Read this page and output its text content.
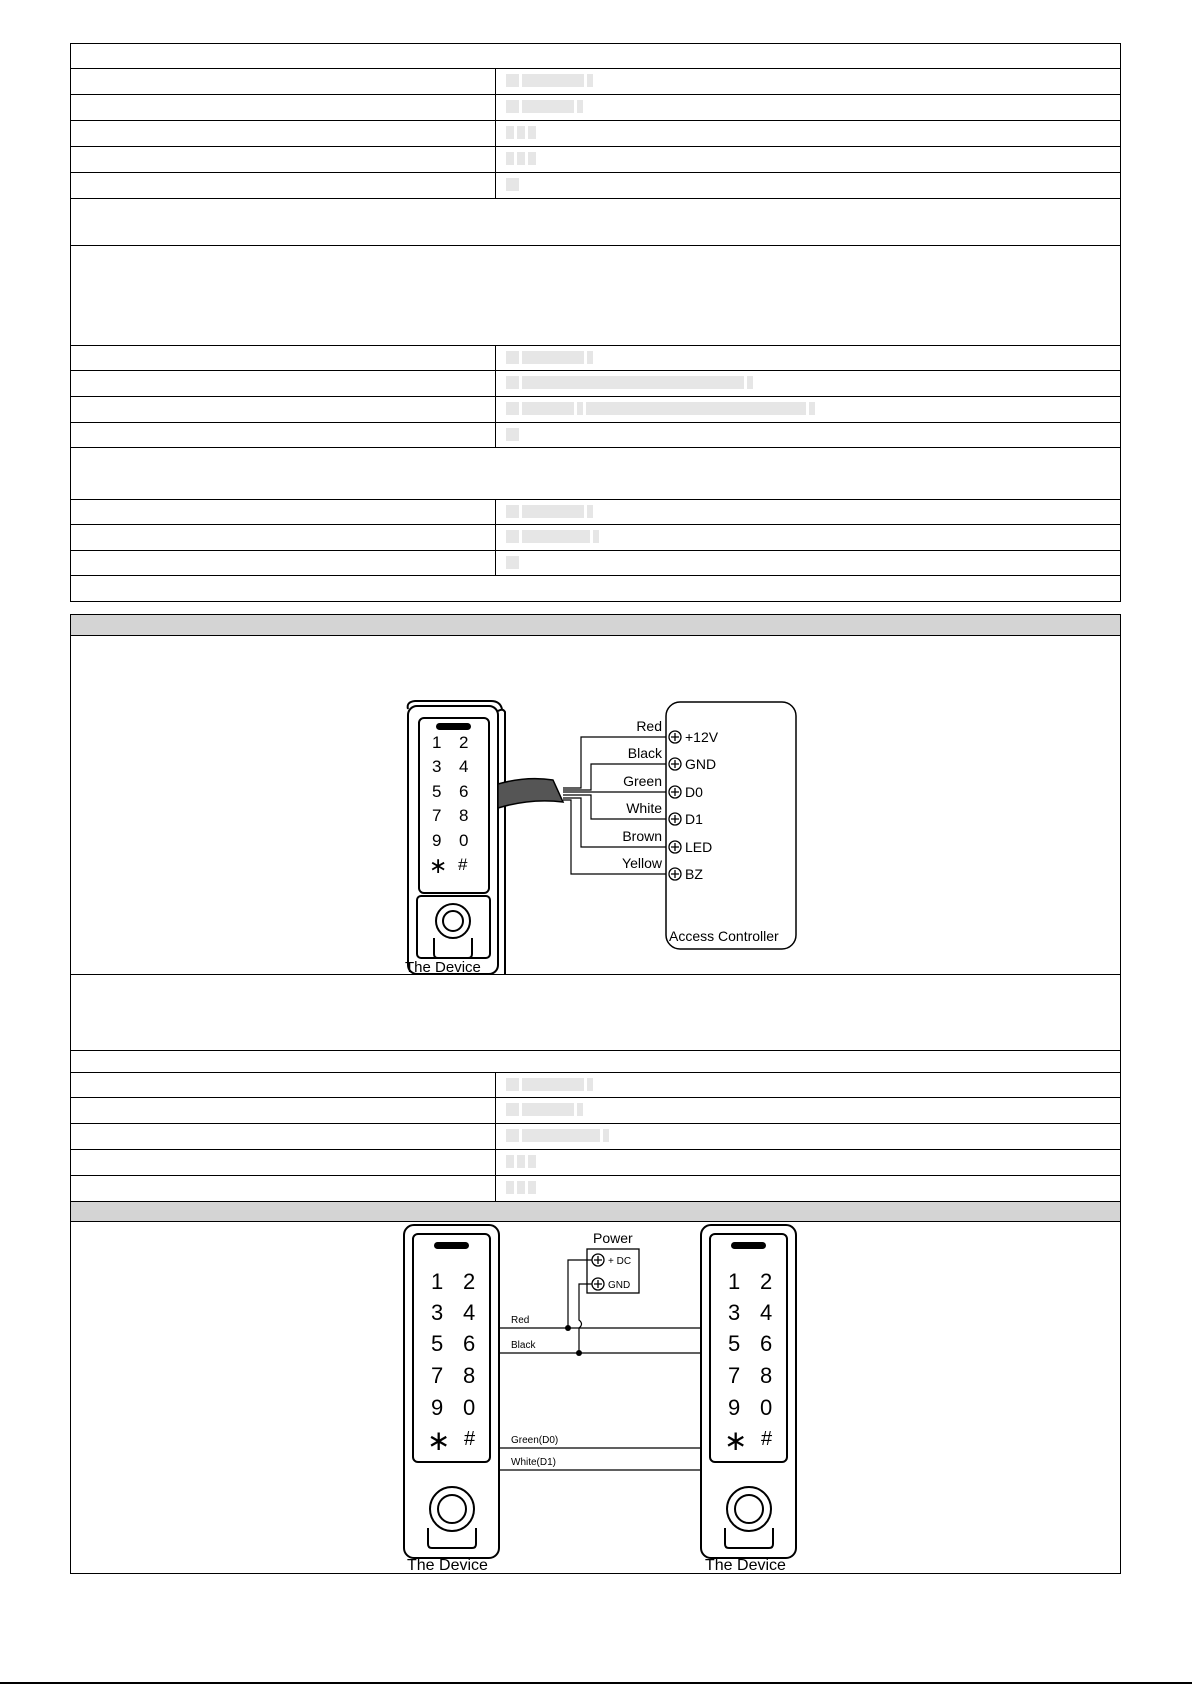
1 2
3 4
5 6
7 8
9 0
∗ #
The Device
Red
Black
Green
White
Brown
Yellow
+12V
GND
D0
D1
LED
BZ
Access Controller
1 2
3 4
5 6
7 8
9 0
∗ #
The Device
1 2
3 4
5 6
7 8
9 0
∗ #
The Device
Power
+ DC
GND
Red
Black
Green(D0)
White(D1)
